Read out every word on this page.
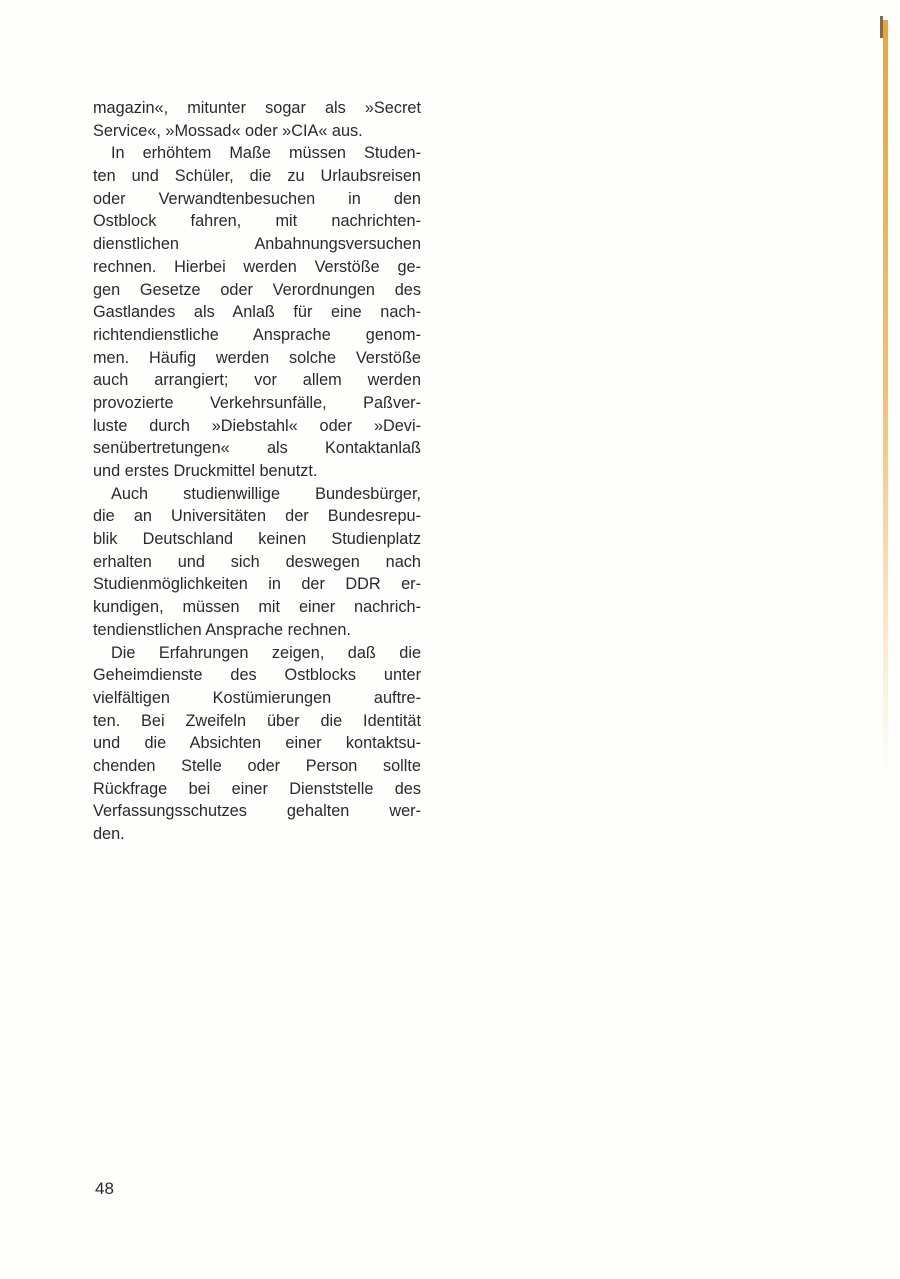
magazin«, mitunter sogar als »Secret
Service«, »Mossad« oder »CIA« aus.
In erhöhtem Maße müssen Studen-
ten und Schüler, die zu Urlaubsreisen
oder Verwandtenbesuchen in den
Ostblock fahren, mit nachrichten-
dienstlichen Anbahnungsversuchen
rechnen. Hierbei werden Verstöße ge-
gen Gesetze oder Verordnungen des
Gastlandes als Anlaß für eine nach-
richtendienstliche Ansprache genom-
men. Häufig werden solche Verstöße
auch arrangiert; vor allem werden
provozierte Verkehrsunfälle, Paßver-
luste durch »Diebstahl« oder »Devi-
senübertretungen« als Kontaktanlaß
und erstes Druckmittel benutzt.
Auch studienwillige Bundesbürger,
die an Universitäten der Bundesrepu-
blik Deutschland keinen Studienplatz
erhalten und sich deswegen nach
Studienmöglichkeiten in der DDR er-
kundigen, müssen mit einer nachrich-
tendienstlichen Ansprache rechnen.
Die Erfahrungen zeigen, daß die
Geheimdienste des Ostblocks unter
vielfältigen Kostümierungen auftre-
ten. Bei Zweifeln über die Identität
und die Absichten einer kontaktsu-
chenden Stelle oder Person sollte
Rückfrage bei einer Dienststelle des
Verfassungsschutzes gehalten wer-
den.
48
